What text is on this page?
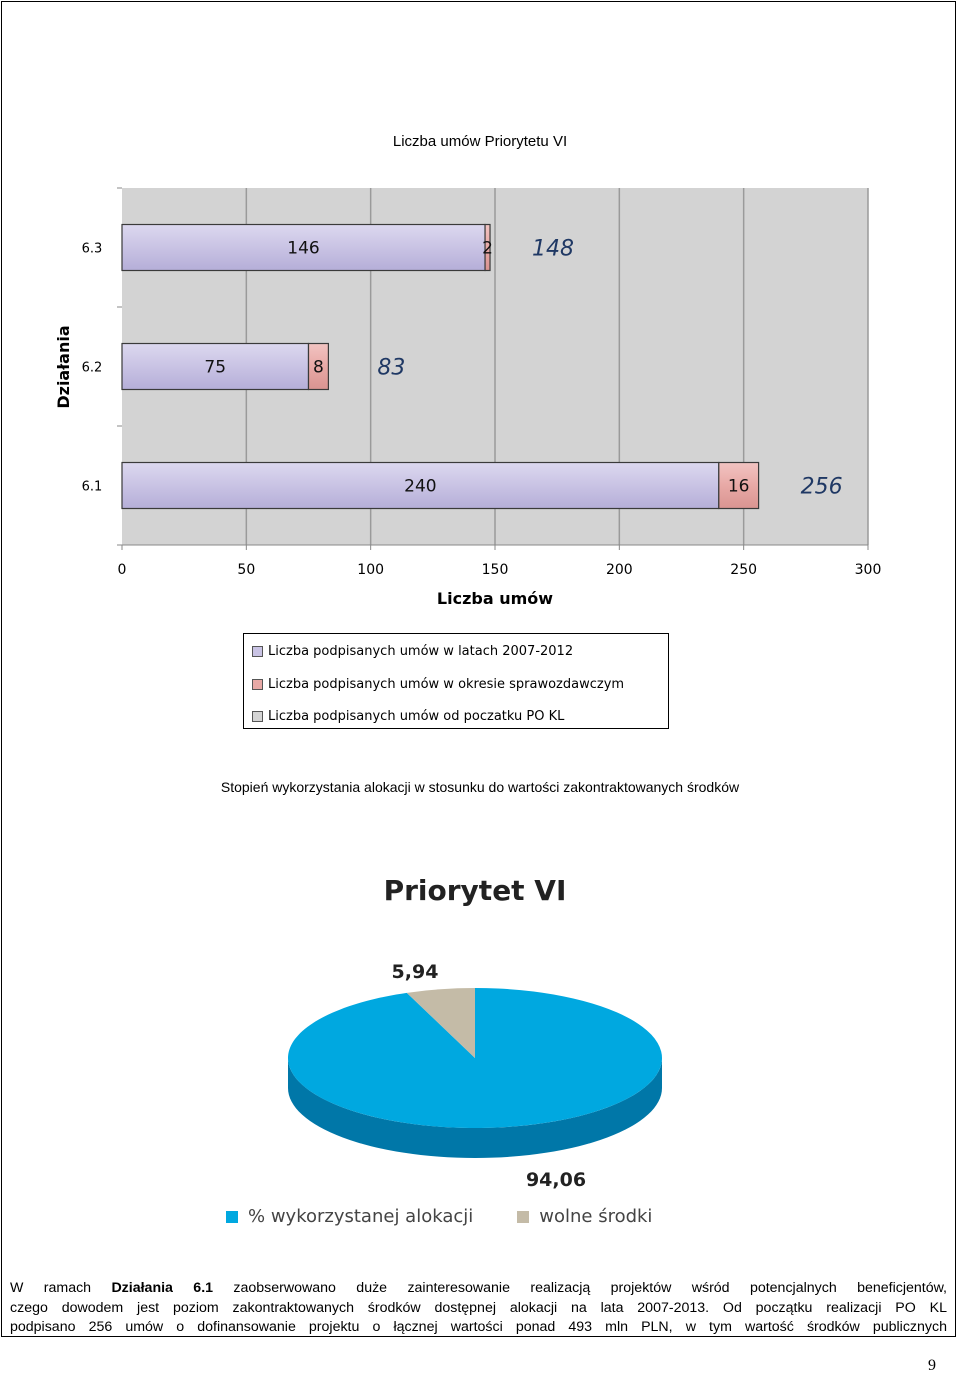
Liczba umów Priorytetu VI
240	16 256
75	8 83
146	2 148
0	50	100	150	200	250	300
6.1
6.2
6.3
Działania
Liczba umów
Liczba podpisanych umów w latach 2007-2012
Liczba podpisanych umów w okresie sprawozdawczym
Liczba podpisanych umów od poczatku PO KL
Stopień wykorzystania alokacji w stosunku do wartości zakontraktowanych środków
Priorytet VI
5,94
94,06
% wykorzystanej alokacji	wolne środki
W ramach Działania 6.1 zaobserwowano duże zainteresowanie realizacją projektów wśród potencjalnych beneficjentów,
czego dowodem jest poziom zakontraktowanych środków dostępnej alokacji na lata 2007-2013. Od początku realizacji PO KL
podpisano 256 umów o dofinansowanie projektu o łącznej wartości ponad 493 mln PLN, w tym wartość środków publicznych
9
